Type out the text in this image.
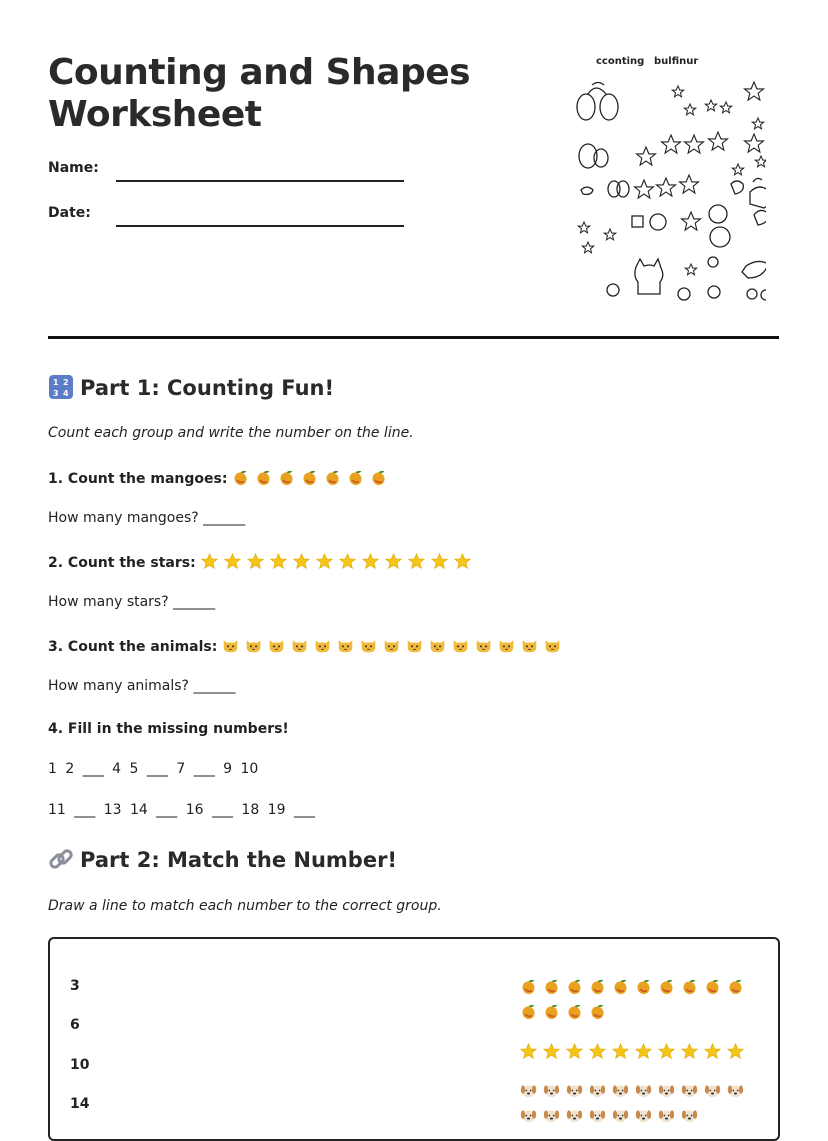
Counting and Shapes Worksheet
Name:
Date:
cconting bulfinur
1 2
3 4 Part 1: Counting Fun!
Count each group and write the number on the line.
1. Count the mangoes:
How many mangoes? ______
2. Count the stars:
How many stars? ______
3. Count the animals:
How many animals? ______
4. Fill in the missing numbers!
1 2 ___ 4 5 ___ 7 ___ 9 10
11 ___ 13 14 ___ 16 ___ 18 19 ___
Part 2: Match the Number!
Draw a line to match each number to the correct group.
3
6
10
14
